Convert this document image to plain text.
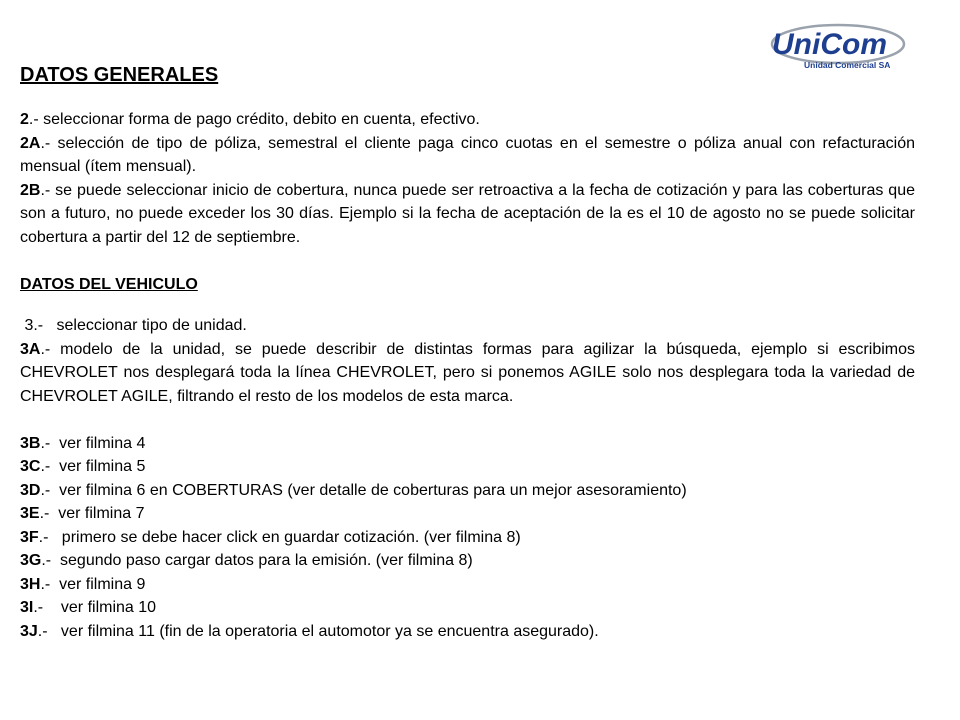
UniCom
Unidad Comercial SA
DATOS GENERALES

2.- seleccionar forma de pago crédito, debito en cuenta, efectivo.

2A.- selección de tipo de póliza, semestral el cliente paga cinco cuotas en el semestre o póliza anual con refacturación mensual (ítem mensual).

2B.- se puede seleccionar inicio de cobertura, nunca puede ser retroactiva a la fecha de cotización y para las coberturas que son a futuro, no puede exceder los 30 días. Ejemplo si la fecha de aceptación de la es el 10 de agosto no se puede solicitar cobertura a partir del 12 de septiembre.

DATOS DEL VEHICULO

3.- seleccionar tipo de unidad.

3A.- modelo de la unidad, se puede describir de distintas formas para agilizar la búsqueda, ejemplo si escribimos CHEVROLET nos desplegará toda la línea CHEVROLET, pero si ponemos AGILE solo nos desplegara toda la variedad de CHEVROLET AGILE, filtrando el resto de los modelos de esta marca.

3B.- ver filmina 4

3C.- ver filmina 5

3D.- ver filmina 6 en COBERTURAS (ver detalle de coberturas para un mejor asesoramiento)

3E.- ver filmina 7

3F.- primero se debe hacer click en guardar cotización. (ver filmina 8)

3G.- segundo paso cargar datos para la emisión. (ver filmina 8)

3H.- ver filmina 9

3I.- ver filmina 10

3J.- ver filmina 11 (fin de la operatoria el automotor ya se encuentra asegurado).
